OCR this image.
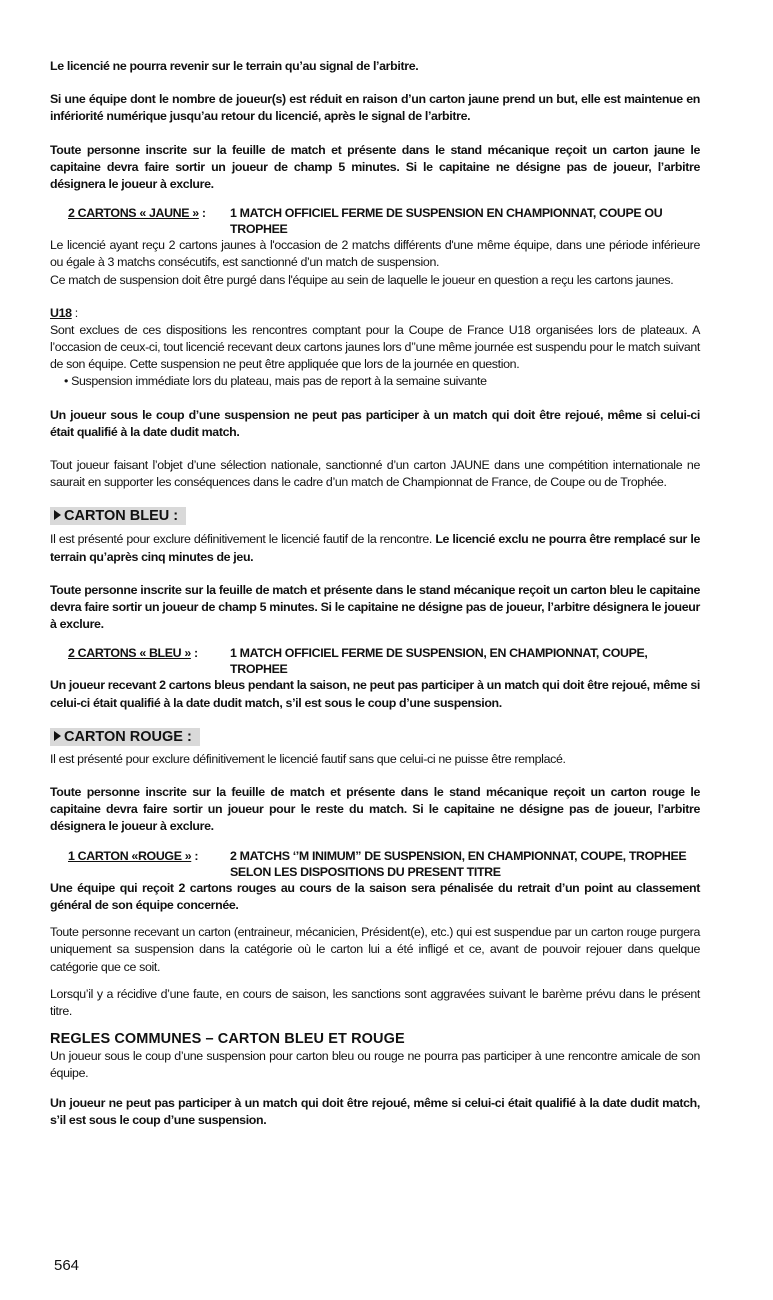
Le licencié ne pourra revenir sur le terrain qu’au signal de l’arbitre.

Si une équipe dont le nombre de joueur(s) est réduit en raison d’un carton jaune prend un but, elle est maintenue en infériorité numérique jusqu’au retour du licencié, après le signal de l’arbitre.

Toute personne inscrite sur la feuille de match et présente dans le stand mécanique reçoit un carton jaune le capitaine devra faire sortir un joueur de champ 5 minutes. Si le capitaine ne désigne pas de joueur, l’arbitre désignera le joueur à exclure.

2 CARTONS « JAUNE » :	1 MATCH OFFICIEL FERME DE SUSPENSION EN CHAMPIONNAT, COUPE OU TROPHEE

Le licencié ayant reçu 2 cartons jaunes à l'occasion de 2 matchs différents d'une même équipe, dans une période inférieure ou égale à 3 matchs consécutifs, est sanctionné d’un match de suspension.

Ce match de suspension doit être purgé dans l'équipe au sein de laquelle le joueur en question a reçu les cartons jaunes.

U18 :

Sont exclues de ces dispositions les rencontres comptant pour la Coupe de France U18 organisées lors de plateaux. A l’occasion de ceux-ci, tout licencié recevant deux cartons jaunes lors d’’une même journée est suspendu pour le match suivant de son équipe. Cette suspension ne peut être appliquée que lors de la journée en question.

• Suspension immédiate lors du plateau, mais pas de report à la semaine suivante

Un joueur sous le coup d’une suspension ne peut pas participer à un match qui doit être rejoué, même si celui-ci était qualifié à la date dudit match.

Tout joueur faisant l’objet d’une sélection nationale, sanctionné d’un carton JAUNE dans une compétition internationale ne saurait en supporter les conséquences dans le cadre d’un match de Championnat de France, de Coupe ou de Trophée.

CARTON BLEU :

Il est présenté pour exclure définitivement le licencié fautif de la rencontre. Le licencié exclu ne pourra être remplacé sur le terrain qu’après cinq minutes de jeu.

Toute personne inscrite sur la feuille de match et présente dans le stand mécanique reçoit un carton bleu le capitaine devra faire sortir un joueur de champ 5 minutes. Si le capitaine ne désigne pas de joueur, l’arbitre désignera le joueur à exclure.

2 CARTONS « BLEU » :	1 MATCH OFFICIEL FERME DE SUSPENSION, EN CHAMPIONNAT, COUPE, TROPHEE

Un joueur recevant 2 cartons bleus pendant la saison, ne peut pas participer à un match qui doit être rejoué, même si celui-ci était qualifié à la date dudit match, s’il est sous le coup d’une suspension.

CARTON ROUGE :

Il est présenté pour exclure définitivement le licencié fautif sans que celui-ci ne puisse être remplacé.

Toute personne inscrite sur la feuille de match et présente dans le stand mécanique reçoit un carton rouge le capitaine devra faire sortir un joueur pour le reste du match. Si le capitaine ne désigne pas de joueur, l’arbitre désignera le joueur à exclure.

1 CARTON «ROUGE » :	2 MATCHS ‘’M INIMUM” DE SUSPENSION, EN CHAMPIONNAT, COUPE, TROPHEE SELON LES DISPOSITIONS DU PRESENT TITRE

Une équipe qui reçoit 2 cartons rouges au cours de la saison sera pénalisée du retrait d’un point au classement général de son équipe concernée.

Toute personne recevant un carton (entraineur, mécanicien, Président(e), etc.) qui est suspendue par un carton rouge purgera uniquement sa suspension dans la catégorie où le carton lui a été infligé et ce, avant de pouvoir rejouer dans quelque catégorie que ce soit.

Lorsqu’il y a récidive d’une faute, en cours de saison, les sanctions sont aggravées suivant le barème prévu dans le présent titre.

REGLES COMMUNES – CARTON BLEU ET ROUGE

Un joueur sous le coup d’une suspension pour carton bleu ou rouge ne pourra pas participer à une rencontre amicale de son équipe.

Un joueur ne peut pas participer à un match qui doit être rejoué, même si celui-ci était qualifié à la date dudit match, s’il est sous le coup d’une suspension.

564
